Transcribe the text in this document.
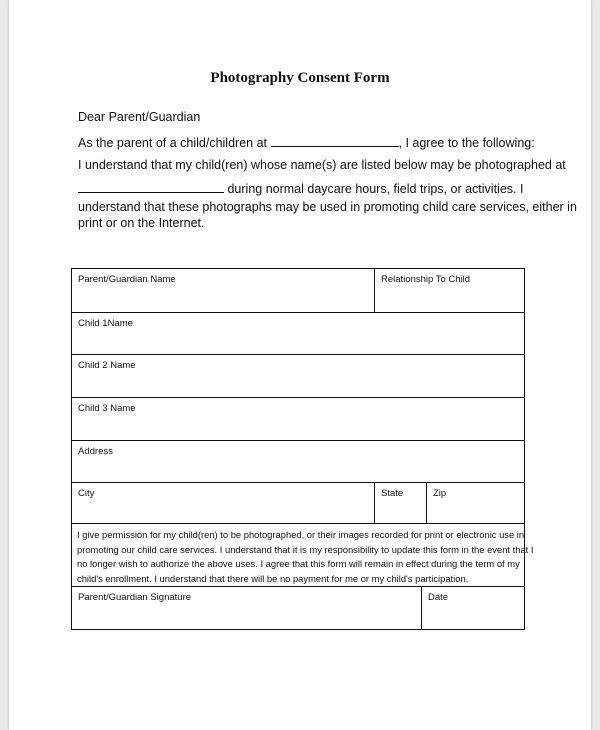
Photography Consent Form
Dear Parent/Guardian
As the parent of a child/children at	, I agree to the following:
I understand that my child(ren) whose name(s) are listed below may be photographed at
during normal daycare hours, field trips, or activities. I
understand that these photographs may be used in promoting child care services, either in
print or on the Internet.
Parent/Guardian Name	Relationship To Child
Child 1Name
Child 2 Name
Child 3 Name
Address
City	State	Zip
I give permission for my child(ren) to be photographed, or their images recorded for print or electronic use in
promoting our child care services. I understand that it is my responsibility to update this form in the event that I
no longer wish to authorize the above uses. I agree that this form will remain in effect during the term of my
child's enrollment. I understand that there will be no payment for me or my child's participation.
Parent/Guardian Signature	Date
